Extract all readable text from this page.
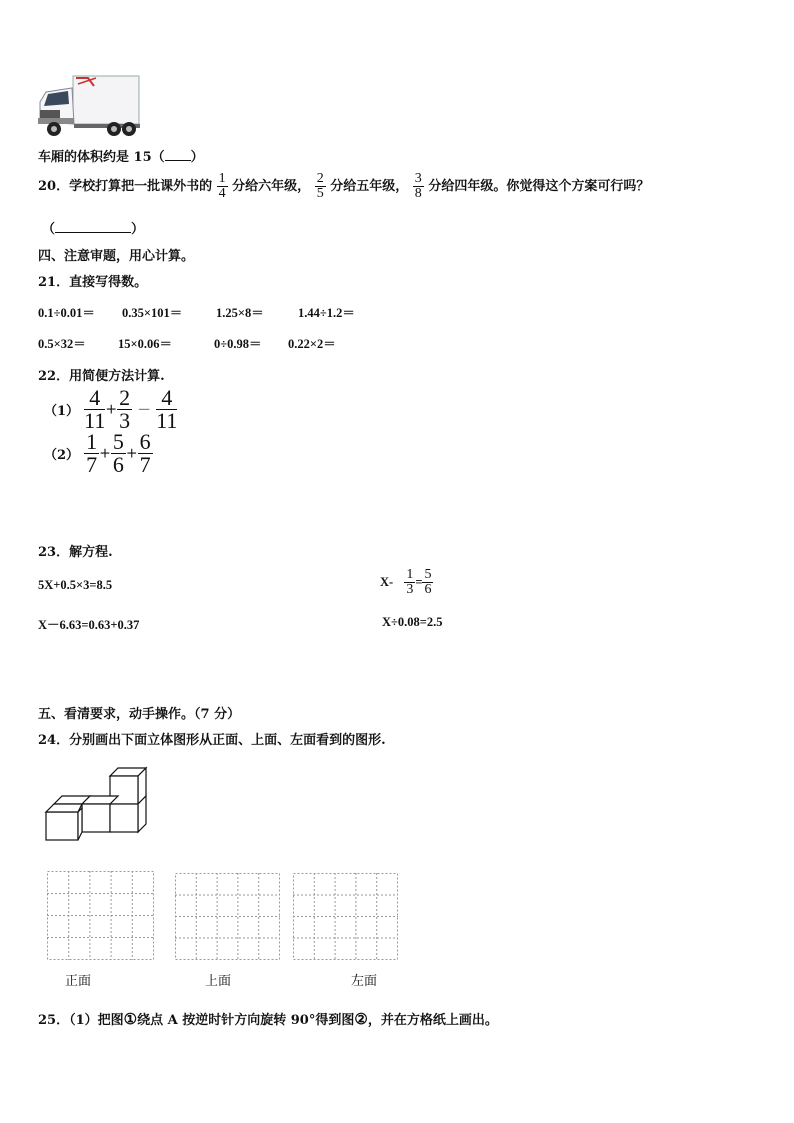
车厢的体积约是 15（ ）
20．学校打算把一批课外书的 $\frac{1}{4}$ 分给六年级， $\frac{2}{5}$ 分给五年级， $\frac{3}{8}$ 分给四年级。你觉得这个方案可行吗？
（	）
四、注意审题，用心计算。
21．直接写得数。
0.1÷0.01＝ 0.35×101＝	1.25×8＝	1.44÷1.2＝
0.5×32＝	15×0.06＝	0÷0.98＝ 0.22×2＝
22．用简便方法计算.
$(1) \frac{4}{11} + \frac{2}{3} - \frac{4}{11}$
$(2) \frac{1}{7} + \frac{5}{6} + \frac{6}{7}$
23．解方程.
5X+0.5×3=8.5	$X- \frac{1}{3} = \frac{5}{6}$
X－6.63=0.63+0.37	X÷0.08=2.5
五、看清要求，动手操作。（7 分）
24．分别画出下面立体图形从正面、上面、左面看到的图形.
正面	上面	左面
25．（1）把图①绕点 A 按逆时针方向旋转 90°得到图②，并在方格纸上画出。
